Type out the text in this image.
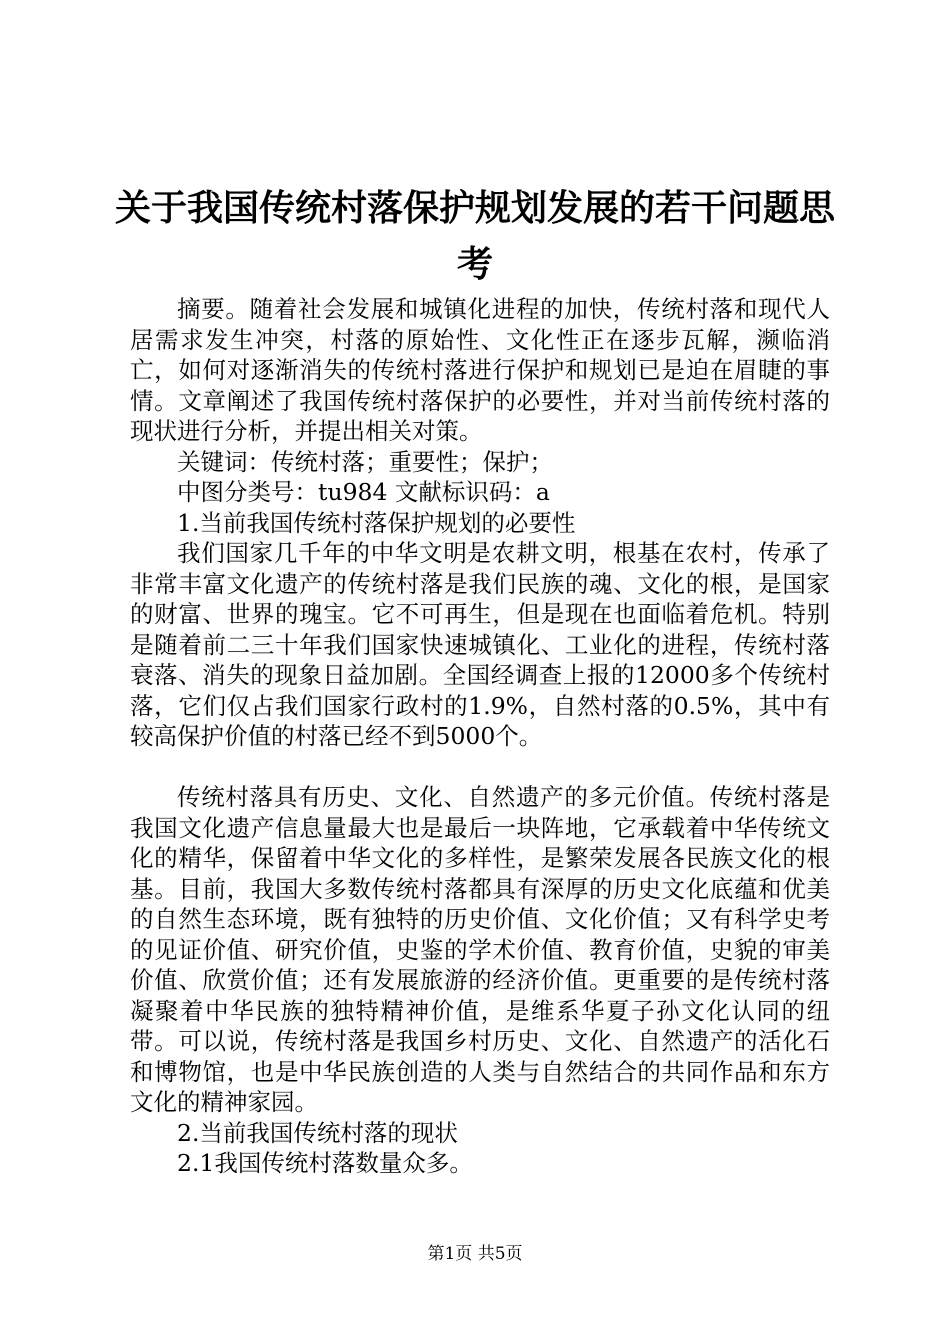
关于我国传统村落保护规划发展的若干问题思考

摘要。随着社会发展和城镇化进程的加快，传统村落和现代人居需求发生冲突，村落的原始性、文化性正在逐步瓦解，濒临消亡，如何对逐渐消失的传统村落进行保护和规划已是迫在眉睫的事情。文章阐述了我国传统村落保护的必要性，并对当前传统村落的现状进行分析，并提出相关对策。

关键词：传统村落；重要性；保护；

中图分类号：tu984 文献标识码：a

1.当前我国传统村落保护规划的必要性

我们国家几千年的中华文明是农耕文明，根基在农村，传承了非常丰富文化遗产的传统村落是我们民族的魂、文化的根，是国家的财富、世界的瑰宝。它不可再生，但是现在也面临着危机。特别是随着前二三十年我们国家快速城镇化、工业化的进程，传统村落衰落、消失的现象日益加剧。全国经调查上报的12000多个传统村落，它们仅占我们国家行政村的1.9%，自然村落的0.5%，其中有较高保护价值的村落已经不到5000个。

传统村落具有历史、文化、自然遗产的多元价值。传统村落是我国文化遗产信息量最大也是最后一块阵地，它承载着中华传统文化的精华，保留着中华文化的多样性，是繁荣发展各民族文化的根基。目前，我国大多数传统村落都具有深厚的历史文化底蕴和优美的自然生态环境，既有独特的历史价值、文化价值；又有科学史考的见证价值、研究价值，史鉴的学术价值、教育价值，史貌的审美价值、欣赏价值；还有发展旅游的经济价值。更重要的是传统村落凝聚着中华民族的独特精神价值，是维系华夏子孙文化认同的纽带。可以说，传统村落是我国乡村历史、文化、自然遗产的活化石和博物馆，也是中华民族创造的人类与自然结合的共同作品和东方文化的精神家园。

2.当前我国传统村落的现状

2.1我国传统村落数量众多。

第1页 共5页
